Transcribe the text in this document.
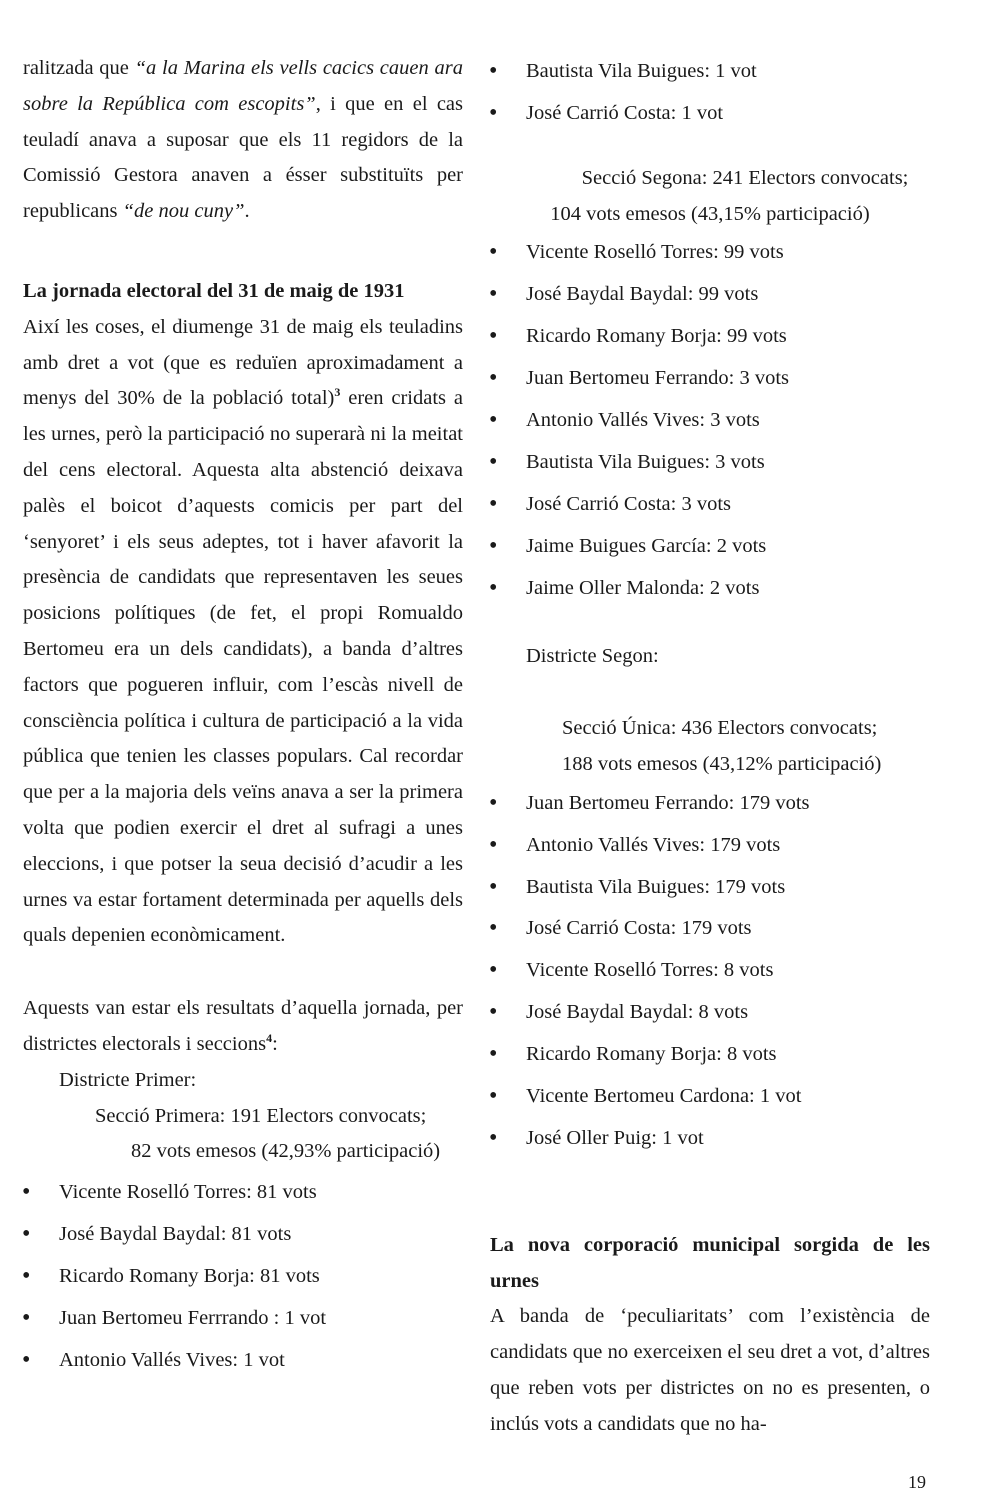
ralitzada que “a la Marina els vells cacics cauen ara sobre la República com escopits”, i que en el cas teuladí anava a suposar que els 11 regidors de la Comissió Gestora anaven a ésser substituïts per republicans “de nou cuny”.

La jornada electoral del 31 de maig de 1931

Així les coses, el diumenge 31 de maig els teuladins amb dret a vot (que es reduïen aproximadament a menys del 30% de la població total)$^3$ eren cridats a les urnes, però la participació no superarà ni la meitat del cens electoral. Aquesta alta abstenció deixava palès el boicot d’aquests comicis per part del ‘senyoret’ i els seus adeptes, tot i haver afavorit la presència de candidats que representaven les seues posicions polítiques (de fet, el propi Romualdo Bertomeu era un dels candidats), a banda d’altres factors que pogueren influir, com l’escàs nivell de consciència política i cultura de participació a la vida pública que tenien les classes populars. Cal recordar que per a la majoria dels veïns anava a ser la primera volta que podien exercir el dret al sufragi a unes eleccions, i que potser la seua decisió d’acudir a les urnes va estar fortament determinada per aquells dels quals depenien econòmicament.

Aquests van estar els resultats d’aquella jornada, per districtes electorals i seccions$^4$:

Districte Primer:

Secció Primera: 191 Electors convocats;

82 vots emesos (42,93% participació)

• Vicente Roselló Torres: 81 vots
• José Baydal Baydal: 81 vots
• Ricardo Romany Borja: 81 vots
• Juan Bertomeu Ferrrando : 1 vot
• Antonio Vallés Vives: 1 vot
• Bautista Vila Buigues: 1 vot
• José Carrió Costa: 1 vot

Secció Segona: 241 Electors convocats;

104 vots emesos (43,15% participació)

• Vicente Roselló Torres: 99 vots
• José Baydal Baydal: 99 vots
• Ricardo Romany Borja: 99 vots
• Juan Bertomeu Ferrando: 3 vots
• Antonio Vallés Vives: 3 vots
• Bautista Vila Buigues: 3 vots
• José Carrió Costa: 3 vots
• Jaime Buigues García: 2 vots
• Jaime Oller Malonda: 2 vots

Districte Segon:

Secció Única: 436 Electors convocats;

188 vots emesos (43,12% participació)

• Juan Bertomeu Ferrando: 179 vots
• Antonio Vallés Vives: 179 vots
• Bautista Vila Buigues: 179 vots
• José Carrió Costa: 179 vots
• Vicente Roselló Torres: 8 vots
• José Baydal Baydal: 8 vots
• Ricardo Romany Borja: 8 vots
• Vicente Bertomeu Cardona: 1 vot
• José Oller Puig: 1 vot

La nova corporació municipal sorgida de les urnes

A banda de ‘peculiaritats’ com l’existència de candidats que no exerceixen el seu dret a vot, d’altres que reben vots per districtes on no es presenten, o inclús vots a candidats que no ha-

19
